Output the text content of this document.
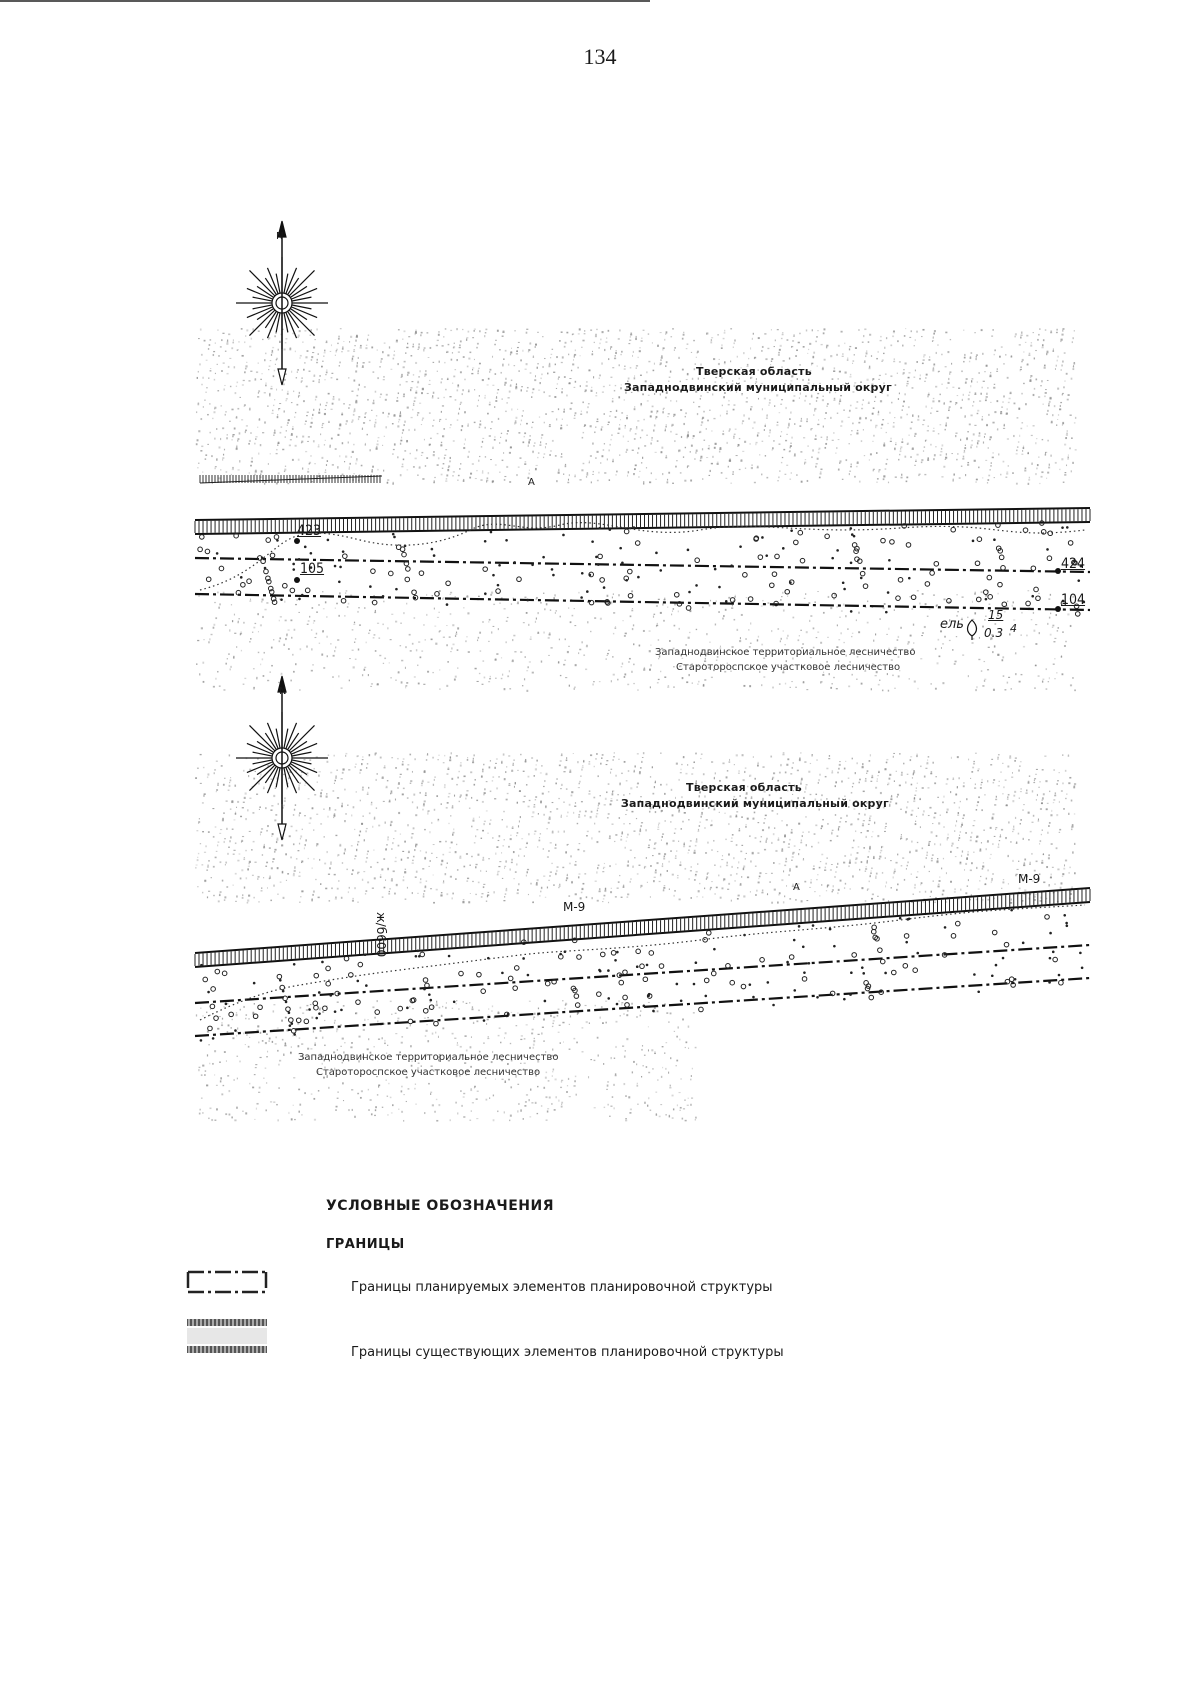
134
N
Тверская область
Западнодвинский муниципальный округ
А
423
105	424
104
ель
15
0.3 4
Западнодвинское территориальное лесничество
Старотороспское участковое лесничество
N
Тверская область
Западнодвинский муниципальный округ
М-9
А
М-9
ж/б600
Западнодвинское территориальное лесничество
Старотороспское участковое лесничество
УСЛОВНЫЕ ОБОЗНАЧЕНИЯ
ГРАНИЦЫ
Границы планируемых элементов планировочной структуры
Границы существующих элементов планировочной структуры
